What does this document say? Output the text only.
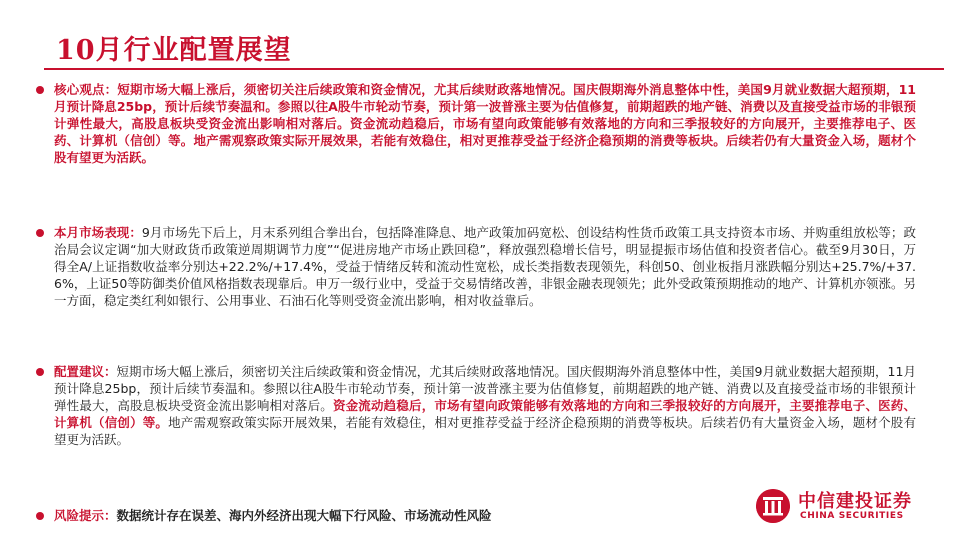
10月行业配置展望
核心观点：短期市场大幅上涨后，须密切关注后续政策和资金情况，尤其后续财政落地情况。国庆假期海外消息整体中性，美国9月就业数据大超预期，11月预计降息25bp，预计后续节奏温和。参照以往A股牛市轮动节奏，预计第一波普涨主要为估值修复，前期超跌的地产链、消费以及直接受益市场的非银预计弹性最大，高股息板块受资金流出影响相对落后。资金流动趋稳后，市场有望向政策能够有效落地的方向和三季报较好的方向展开，主要推荐电子、医药、计算机（信创）等。地产需观察政策实际开展效果，若能有效稳住，相对更推荐受益于经济企稳预期的消费等板块。后续若仍有大量资金入场，题材个股有望更为活跃。
本月市场表现：9月市场先下后上，月末系列组合拳出台，包括降准降息、地产政策加码宽松、创设结构性货币政策工具支持资本市场、并购重组放松等；政治局会议定调“加大财政货币政策逆周期调节力度”“促进房地产市场止跌回稳”，释放强烈稳增长信号，明显提振市场估值和投资者信心。截至9月30日，万得全A/上证指数收益率分别达+22.2%/+17.4%，受益于情绪反转和流动性宽松，成长类指数表现领先，科创50、创业板指月涨跌幅分别达+25.7%/+37.6%，上证50等防御类价值风格指数表现靠后。申万一级行业中，受益于交易情绪改善，非银金融表现领先；此外受政策预期推动的地产、计算机亦领涨。另一方面，稳定类红利如银行、公用事业、石油石化等则受资金流出影响，相对收益靠后。
配置建议：短期市场大幅上涨后，须密切关注后续政策和资金情况，尤其后续财政落地情况。国庆假期海外消息整体中性，美国9月就业数据大超预期，11月预计降息25bp，预计后续节奏温和。参照以往A股牛市轮动节奏，预计第一波普涨主要为估值修复，前期超跌的地产链、消费以及直接受益市场的非银预计弹性最大，高股息板块受资金流出影响相对落后。资金流动趋稳后，市场有望向政策能够有效落地的方向和三季报较好的方向展开，主要推荐电子、医药、计算机（信创）等。地产需观察政策实际开展效果，若能有效稳住，相对更推荐受益于经济企稳预期的消费等板块。后续若仍有大量资金入场，题材个股有望更为活跃。
风险提示：数据统计存在误差、海内外经济出现大幅下行风险、市场流动性风险
中信建投证券
CHINA SECURITIES
